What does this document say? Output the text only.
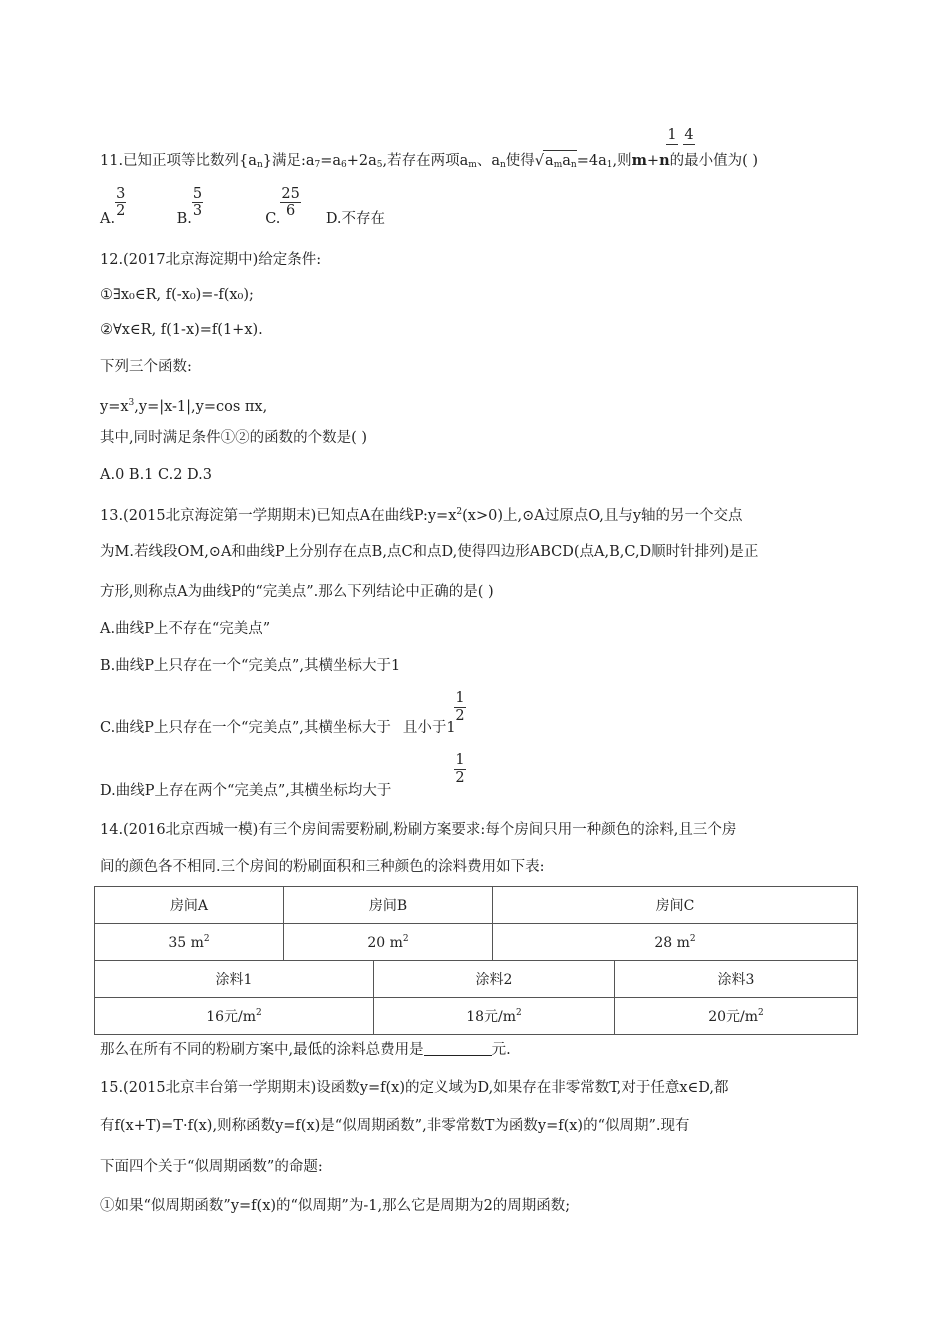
11.已知正项等比数列$\{a_n\}$满足$:a_7=a_6+2a_5$,若存在两项$a_m$、$a_n$使得$√a_ma_n=4a_1$,则m+n的最小值为( )
1 4
A. $\frac{3}{2}$	B. $\frac{5}{3}$	C. $\frac{25}{6} D$.不存在
12.(2017北京海淀期中)给定条件:
①∃x₀∈R, f(-x₀)=-f(x₀);
②∀x∈R, f(1-x)=f(1+x).
下列三个函数:
$y=x^3,y=|x-1|,y=\cos$ πx,
其中,同时满足条件①②的函数的个数是( )
A.0 B.1 C.2 D.3
13.(2015北京海淀第一学期期末)已知点A在曲线$P:y=x^2(x>0)$上,⊙A过原点O,且与y轴的另一个交点
为M.若线段OM,⊙A和曲线P上分别存在点B,点C和点D,使得四边形ABCD(点A,B,C,D顺时针排列)是正
方形,则称点A为曲线P的“完美点”.那么下列结论中正确的是( )
A.曲线P上不存在“完美点”
B.曲线P上只存在一个“完美点”,其横坐标大于1
C.曲线P上只存在一个“完美点”,其横坐标大于 且小于1
$\frac{1}{2}$
D.曲线P上存在两个“完美点”,其横坐标均大于
$\frac{1}{2}$
14.(2016北京西城一模)有三个房间需要粉刷,粉刷方案要求:每个房间只用一种颜色的涂料,且三个房
间的颜色各不相同.三个房间的粉刷面积和三种颜色的涂料费用如下表:
房间A	房间B	房间C
35 $m^2$	20 $m^2$	28 $m^2$
涂料1	涂料2	涂料3
16元$/m^2$	18元$/m^2$	20元$/m^2$
那么在所有不同的粉刷方案中,最低的涂料总费用是	元.
15.(2015北京丰台第一学期期末)设函数y=f(x)的定义域为D,如果存在非零常数T,对于任意x∈D,都
有f(x+T)=T·f(x),则称函数y=f(x)是“似周期函数”,非零常数T为函数y=f(x)的“似周期”.现有
下面四个关于“似周期函数”的命题:
①如果“似周期函数”y=f(x)的“似周期”为-1,那么它是周期为2的周期函数;
